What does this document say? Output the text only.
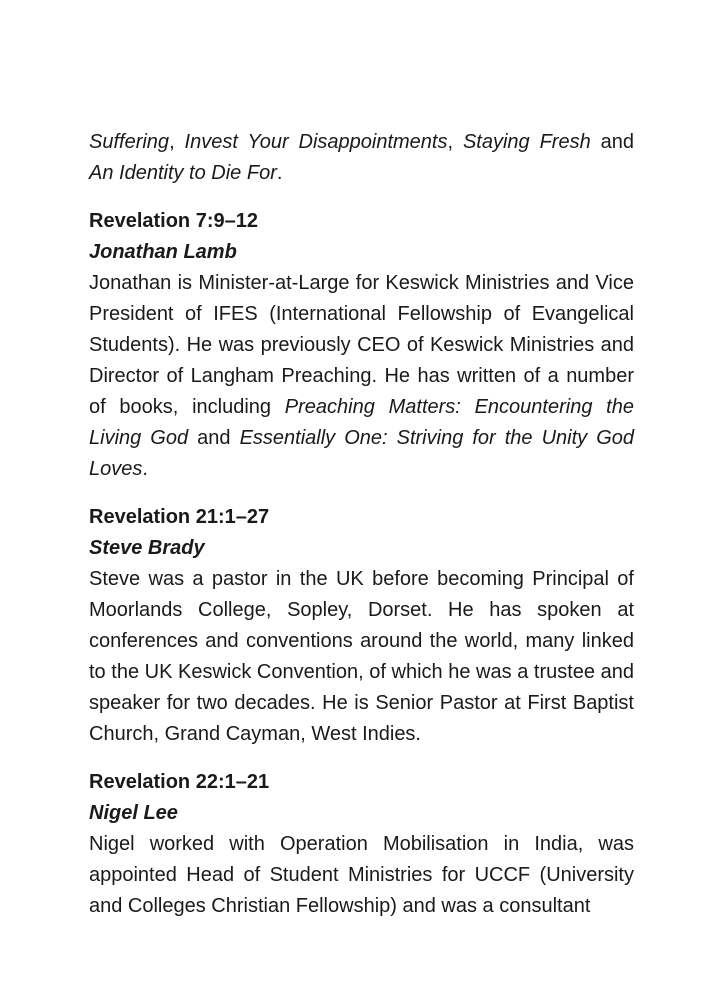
Suffering, Invest Your Disappointments, Staying Fresh and An Identity to Die For.

Revelation 7:9–12
Jonathan Lamb

Jonathan is Minister-at-Large for Keswick Ministries and Vice President of IFES (International Fellowship of Evangelical Students). He was previously CEO of Keswick Ministries and Director of Langham Preaching. He has written of a number of books, including Preaching Matters: Encountering the Living God and Essentially One: Striving for the Unity God Loves.

Revelation 21:1–27
Steve Brady

Steve was a pastor in the UK before becoming Principal of Moorlands College, Sopley, Dorset. He has spoken at conferences and conventions around the world, many linked to the UK Keswick Convention, of which he was a trustee and speaker for two decades. He is Senior Pastor at First Baptist Church, Grand Cayman, West Indies.

Revelation 22:1–21
Nigel Lee

Nigel worked with Operation Mobilisation in India, was appointed Head of Student Ministries for UCCF (University and Colleges Christian Fellowship) and was a consultant
